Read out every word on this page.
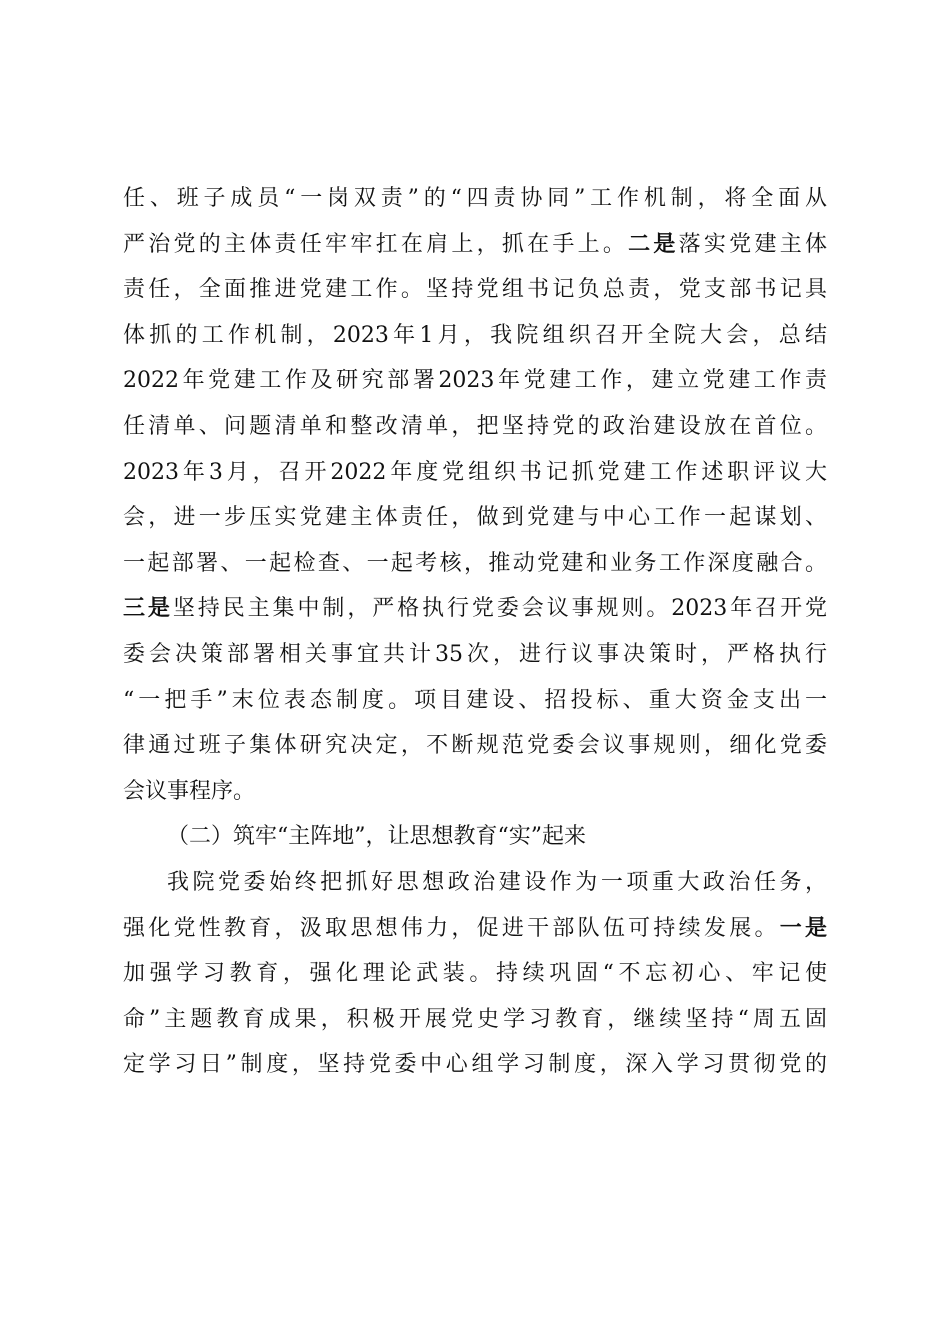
任、班子成员“一岗双责”的“四责协同”工作机制，将全面从
严治党的主体责任牢牢扛在肩上，抓在手上。二是落实党建主体
责任，全面推进党建工作。坚持党组书记负总责，党支部书记具
体抓的工作机制，2023年1月，我院组织召开全院大会，总结
2022年党建工作及研究部署2023年党建工作，建立党建工作责
任清单、问题清单和整改清单，把坚持党的政治建设放在首位。
2023年3月，召开2022年度党组织书记抓党建工作述职评议大
会，进一步压实党建主体责任，做到党建与中心工作一起谋划、
一起部署、一起检查、一起考核，推动党建和业务工作深度融合。
三是坚持民主集中制，严格执行党委会议事规则。2023年召开党
委会决策部署相关事宜共计35次，进行议事决策时，严格执行
“一把手”末位表态制度。项目建设、招投标、重大资金支出一
律通过班子集体研究决定，不断规范党委会议事规则，细化党委
会议事程序。
（二）筑牢“主阵地”，让思想教育“实”起来
我院党委始终把抓好思想政治建设作为一项重大政治任务，
强化党性教育，汲取思想伟力，促进干部队伍可持续发展。一是
加强学习教育，强化理论武装。持续巩固“不忘初心、牢记使
命”主题教育成果，积极开展党史学习教育，继续坚持“周五固
定学习日”制度，坚持党委中心组学习制度，深入学习贯彻党的
